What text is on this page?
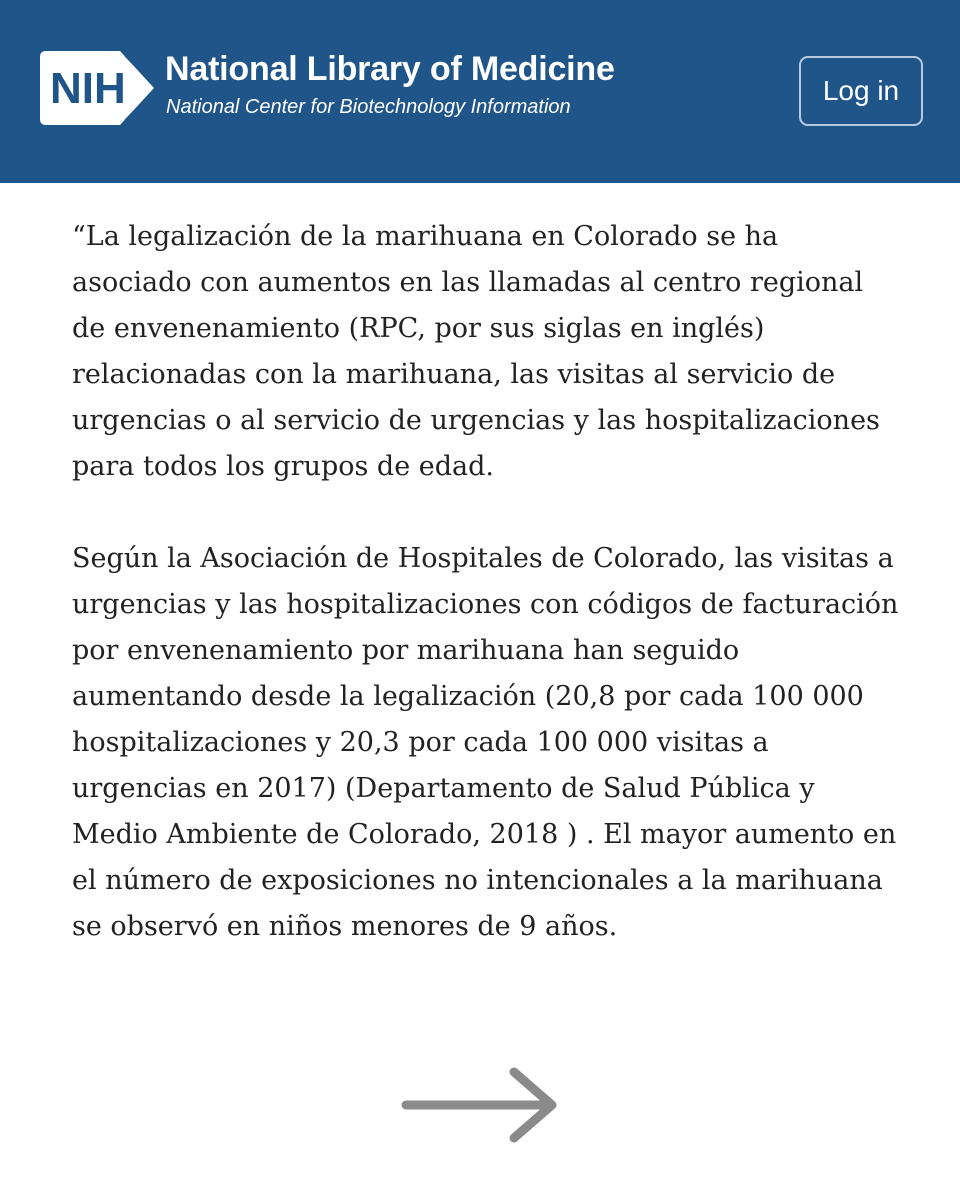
NIH National Library of Medicine
National Center for Biotechnology Information
Log in

“La legalización de la marihuana en Colorado se ha asociado con aumentos en las llamadas al centro regional de envenenamiento (RPC, por sus siglas en inglés) relacionadas con la marihuana, las visitas al servicio de urgencias o al servicio de urgencias y las hospitalizaciones para todos los grupos de edad.

Según la Asociación de Hospitales de Colorado, las visitas a urgencias y las hospitalizaciones con códigos de facturación por envenenamiento por marihuana han seguido aumentando desde la legalización (20,8 por cada 100 000 hospitalizaciones y 20,3 por cada 100 000 visitas a urgencias en 2017) (Departamento de Salud Pública y Medio Ambiente de Colorado, 2018 ) . El mayor aumento en el número de exposiciones no intencionales a la marihuana se observó en niños menores de 9 años.
